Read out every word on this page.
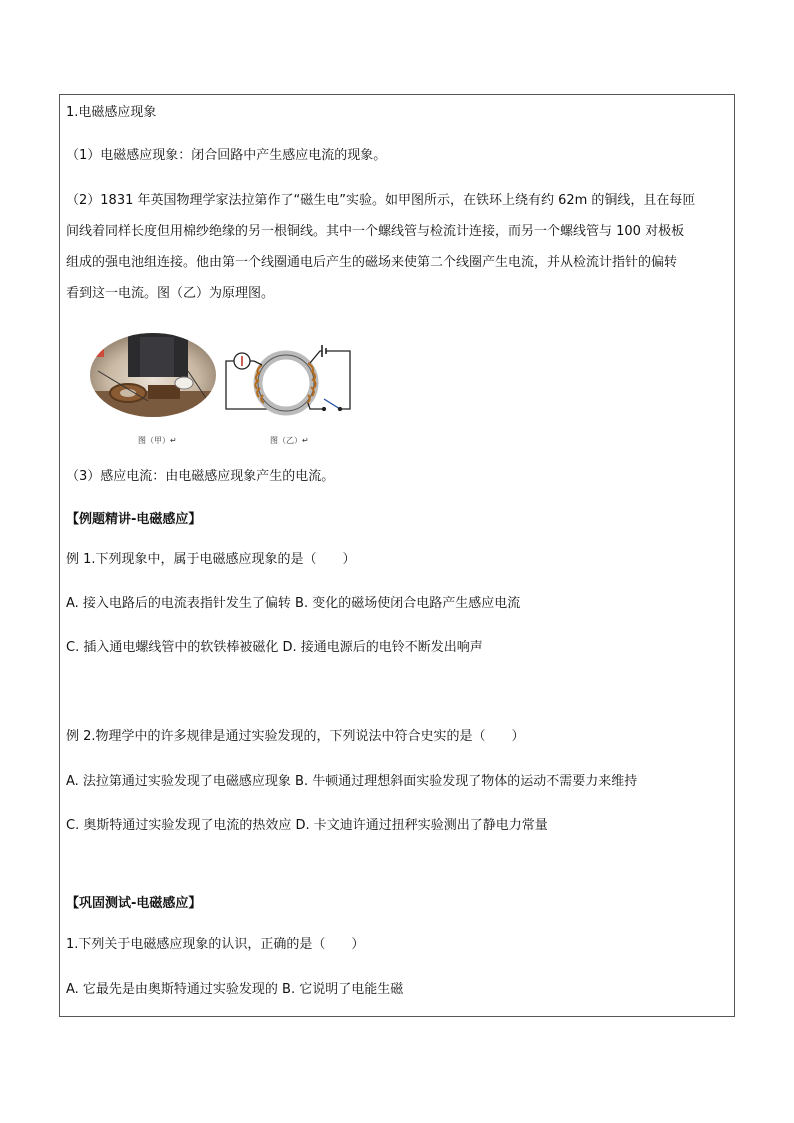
1.电磁感应现象
（1）电磁感应现象：闭合回路中产生感应电流的现象。
（2）1831 年英国物理学家法拉第作了“磁生电”实验。如甲图所示，在铁环上绕有约 62m 的铜线，且在每匝
间线着同样长度但用棉纱绝缘的另一根铜线。其中一个螺线管与检流计连接，而另一个螺线管与 100 对极板
组成的强电池组连接。他由第一个线圈通电后产生的磁场来使第二个线圈产生电流，并从检流计指针的偏转
看到这一电流。图（乙）为原理图。
图（甲）↵	图（乙）↵
（3）感应电流：由电磁感应现象产生的电流。
【例题精讲-电磁感应】
例 1.下列现象中，属于电磁感应现象的是（　　）
A. 接入电路后的电流表指针发生了偏转 B. 变化的磁场使闭合电路产生感应电流
C. 插入通电螺线管中的软铁棒被磁化 D. 接通电源后的电铃不断发出响声
例 2.物理学中的许多规律是通过实验发现的，下列说法中符合史实的是（　　）
A. 法拉第通过实验发现了电磁感应现象 B. 牛顿通过理想斜面实验发现了物体的运动不需要力来维持
C. 奥斯特通过实验发现了电流的热效应 D. 卡文迪许通过扭秤实验测出了静电力常量
【巩固测试-电磁感应】
1.下列关于电磁感应现象的认识，正确的是（　　）
A. 它最先是由奥斯特通过实验发现的 B. 它说明了电能生磁
